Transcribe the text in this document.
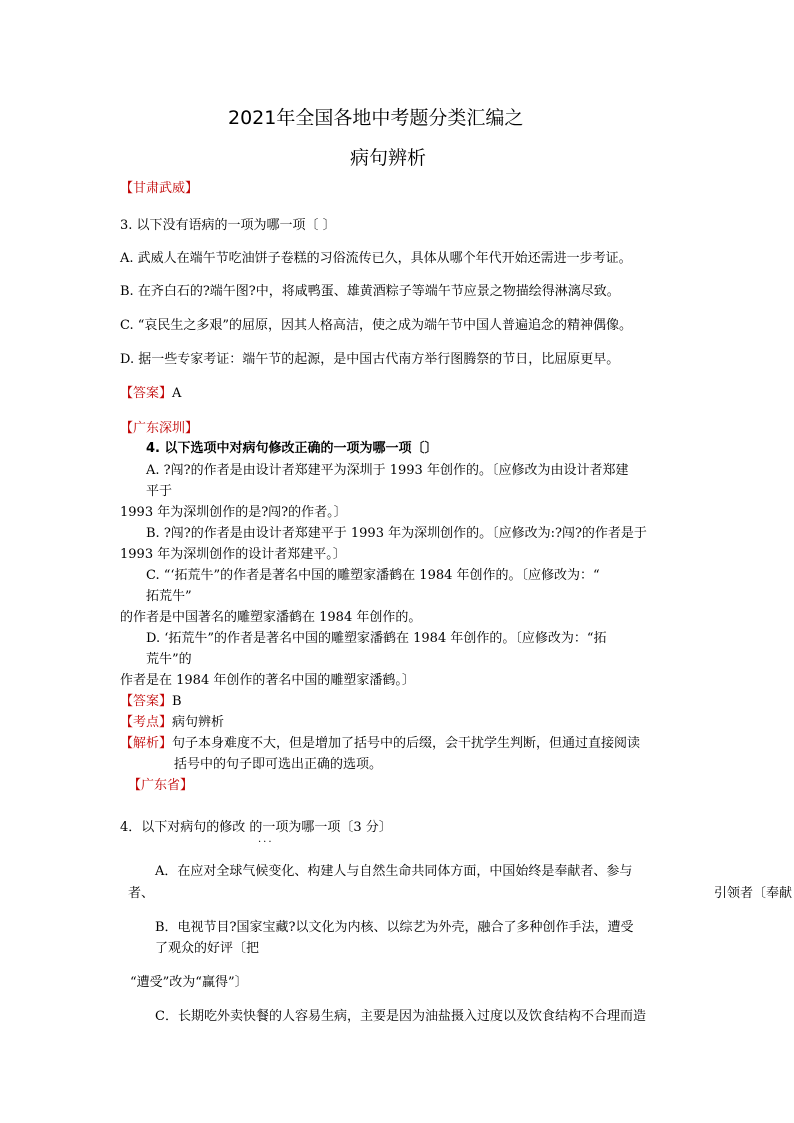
2021年全国各地中考题分类汇编之
病句辨析
【甘肃武威】
3. 以下没有语病的一项为哪一项〔 〕
A. 武威人在端午节吃油饼子卷糕的习俗流传已久，具体从哪个年代开始还需进一步考证。
B. 在齐白石的?端午图?中，将咸鸭蛋、雄黄酒粽子等端午节应景之物描绘得淋漓尽致。
C. “哀民生之多艰”的屈原，因其人格高洁，使之成为端午节中国人普遍追念的精神偶像。
D. 据一些专家考证：端午节的起源，是中国古代南方举行图腾祭的节日，比屈原更早。
【答案】A
【广东深圳】
4. 以下选项中对病句修改正确的一项为哪一项〔〕
A. ?闯?的作者是由设计者郑建平为深圳于 1993 年创作的。〔应修改为由设计者郑建
平于
1993 年为深圳创作的是?闯?的作者。〕
B. ?闯?的作者是由设计者郑建平于 1993 年为深圳创作的。〔应修改为:?闯?的作者是于
1993 年为深圳创作的设计者郑建平。〕
C. “‘拓荒牛”的作者是著名中国的雕塑家潘鹤在 1984 年创作的。〔应修改为：“
拓荒牛”
的作者是中国著名的雕塑家潘鹤在 1984 年创作的。
D. ‘拓荒牛”的作者是著名中国的雕塑家潘鹤在 1984 年创作的。〔应修改为：“拓
荒牛”的
作者是在 1984 年创作的著名中国的雕塑家潘鹤。〕
【答案】B
【考点】病句辨析
【解析】句子本身难度不大，但是增加了括号中的后缀，会干扰学生判断，但通过直接阅读
括号中的句子即可选出正确的选项。
【广东省】
4．以下对病句的修改 的一项为哪一项〔3 分〕
...
A．在应对全球气候变化、构建人与自然生命共同体方面，中国始终是奉献者、参与
者、	引领者〔奉献
B．电视节目?国家宝藏?以文化为内核、以综艺为外壳，融合了多种创作手法，遭受
了观众的好评〔把
“遭受”改为“赢得”〕
C．长期吃外卖快餐的人容易生病，主要是因为油盐摄入过度以及饮食结构不合理而造
